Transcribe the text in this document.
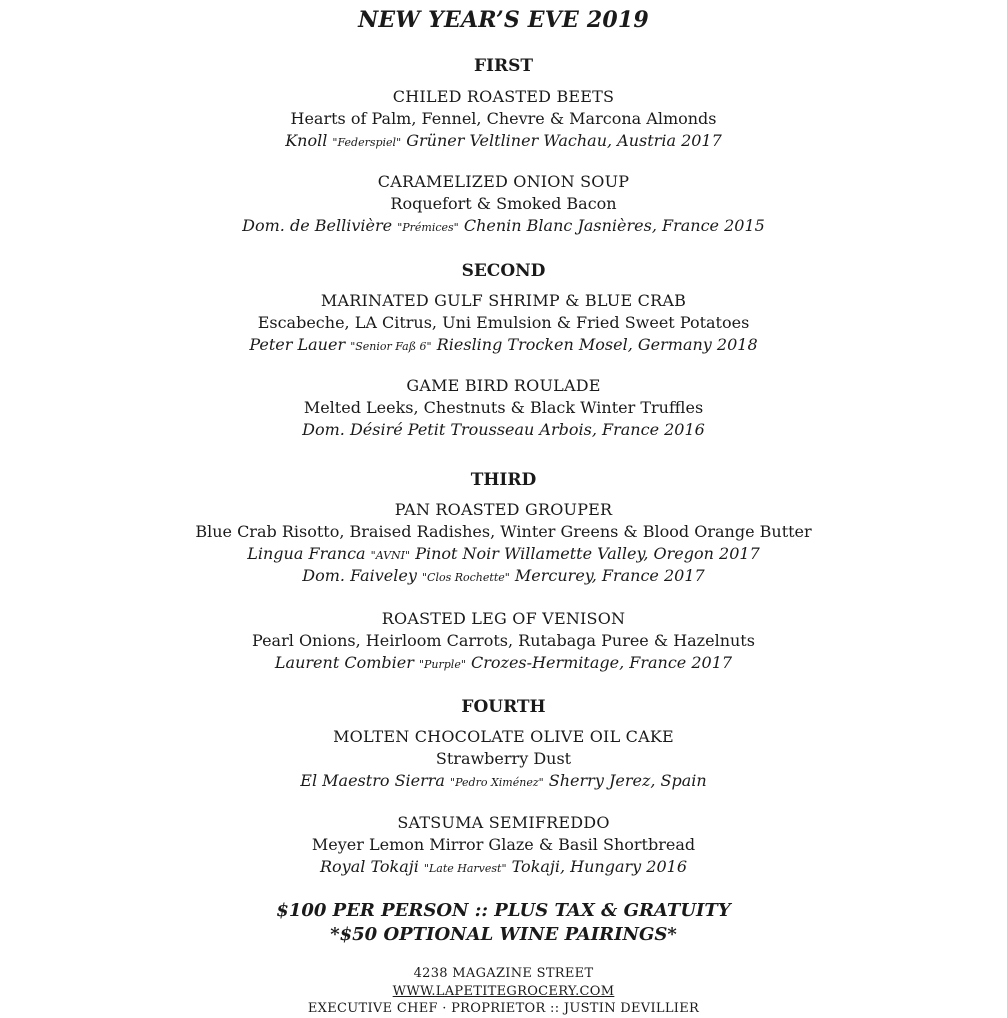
NEW YEAR’S EVE 2019
FIRST
CHILED ROASTED BEETS
Hearts of Palm, Fennel, Chevre & Marcona Almonds
Knoll "Federspiel" Grüner Veltliner Wachau, Austria 2017
CARAMELIZED ONION SOUP
Roquefort & Smoked Bacon
Dom. de Bellivière "Prémices" Chenin Blanc Jasnières, France 2015
SECOND
MARINATED GULF SHRIMP & BLUE CRAB
Escabeche, LA Citrus, Uni Emulsion & Fried Sweet Potatoes
Peter Lauer "Senior Faß 6" Riesling Trocken Mosel, Germany 2018
GAME BIRD ROULADE
Melted Leeks, Chestnuts & Black Winter Truffles
Dom. Désiré Petit Trousseau Arbois, France 2016
THIRD
PAN ROASTED GROUPER
Blue Crab Risotto, Braised Radishes, Winter Greens & Blood Orange Butter
Lingua Franca "AVNI" Pinot Noir Willamette Valley, Oregon 2017
Dom. Faiveley "Clos Rochette" Mercurey, France 2017
ROASTED LEG OF VENISON
Pearl Onions, Heirloom Carrots, Rutabaga Puree & Hazelnuts
Laurent Combier "Purple" Crozes-Hermitage, France 2017
FOURTH
MOLTEN CHOCOLATE OLIVE OIL CAKE
Strawberry Dust
El Maestro Sierra "Pedro Ximénez" Sherry Jerez, Spain
SATSUMA SEMIFREDDO
Meyer Lemon Mirror Glaze & Basil Shortbread
Royal Tokaji "Late Harvest" Tokaji, Hungary 2016
$100 PER PERSON :: PLUS TAX & GRATUITY
*$50 OPTIONAL WINE PAIRINGS*
4238 MAGAZINE STREET
WWW.LAPETITEGROCERY.COM
EXECUTIVE CHEF · PROPRIETOR :: JUSTIN DEVILLIER
